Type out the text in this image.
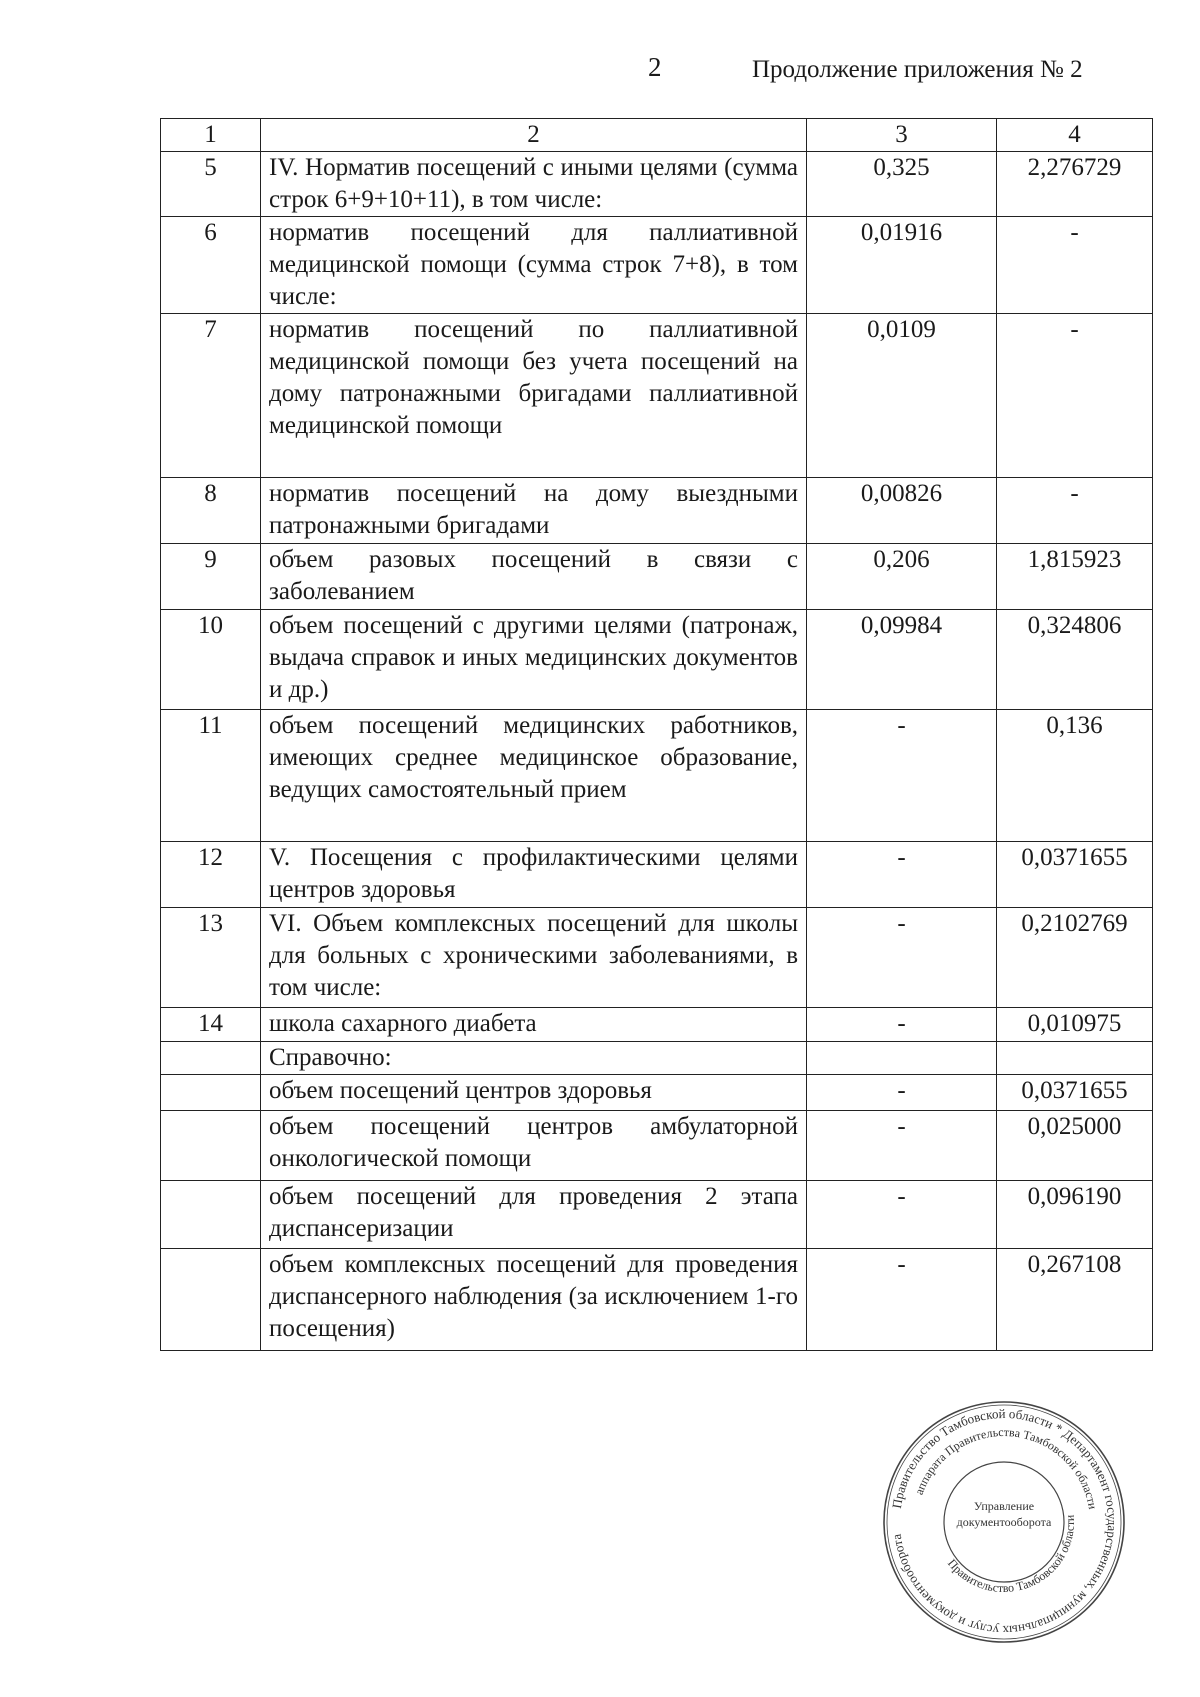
2	Продолжение приложения № 2
1	2	3	4
5	IV. Норматив посещений с иными целями (сумма строк 6+9+10+11), в том числе:	0,325	2,276729
6	норматив посещений для паллиативной медицинской помощи (сумма строк 7+8), в том числе:	0,01916	-
7	норматив посещений по паллиативной медицинской помощи без учета посещений на дому патронажными бригадами паллиативной медицинской помощи	0,0109	-
8	норматив посещений на дому выездными патронажными бригадами	0,00826	-
9	объем разовых посещений в связи с заболеванием	0,206	1,815923
10	объем посещений с другими целями (патронаж, выдача справок и иных медицинских документов и др.)	0,09984	0,324806
11	объем посещений медицинских работников, имеющих среднее медицинское образование, ведущих самостоятельный прием	-	0,136
12	V. Посещения с профилактическими целями центров здоровья	-	0,0371655
13	VI. Объем комплексных посещений для школы для больных с хроническими заболеваниями, в том числе:	-	0,2102769
14	школа сахарного диабета	-	0,010975
	Справочно:		
	объем посещений центров здоровья	-	0,0371655
	объем посещений центров амбулаторной онкологической помощи	-	0,025000
	объем посещений для проведения 2 этапа диспансеризации	-	0,096190
	объем комплексных посещений для проведения диспансерного наблюдения (за исключением 1-го посещения)	-	0,267108
Правительство Тамбовской области * Департамент государственных, муниципальных услуг и документооборота
аппарата Правительства Тамбовской области
Правительство Тамбовской области
Управление документооборота
